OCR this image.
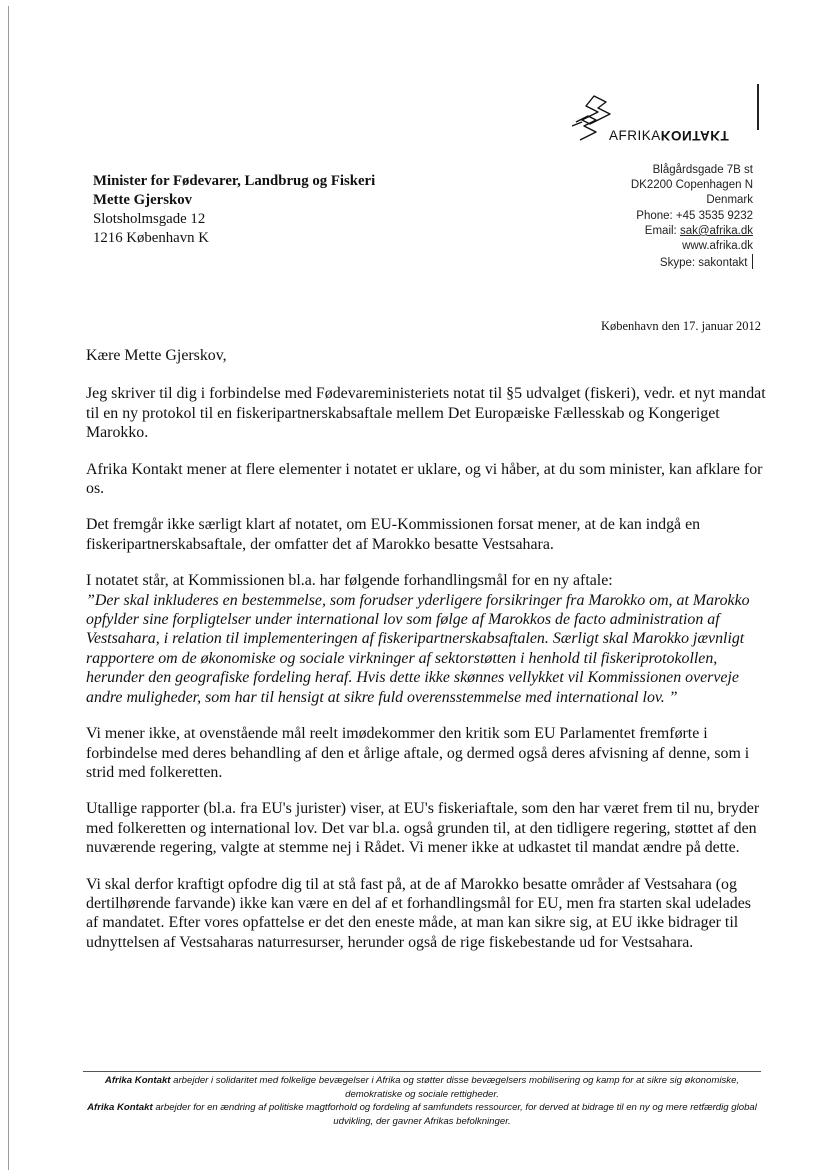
AFRIKAKONTAKT
Blågårdsgade 7B st
DK2200 Copenhagen N
Denmark
Phone: +45 3535 9232
Email: sak@afrika.dk
www.afrika.dk
Skype: sakontakt
Minister for Fødevarer, Landbrug og Fiskeri
Mette Gjerskov
Slotsholmsgade 12
1216 København K
København den 17. januar 2012

Kære Mette Gjerskov,

Jeg skriver til dig i forbindelse med Fødevareministeriets notat til §5 udvalget (fiskeri), vedr. et nyt mandat til en ny protokol til en fiskeripartnerskabsaftale mellem Det Europæiske Fællesskab og Kongeriget Marokko.

Afrika Kontakt mener at flere elementer i notatet er uklare, og vi håber, at du som minister, kan afklare for os.

Det fremgår ikke særligt klart af notatet, om EU-Kommissionen forsat mener, at de kan indgå en fiskeripartnerskabsaftale, der omfatter det af Marokko besatte Vestsahara.

I notatet står, at Kommissionen bl.a. har følgende forhandlingsmål for en ny aftale:
”Der skal inkluderes en bestemmelse, som forudser yderligere forsikringer fra Marokko om, at Marokko opfylder sine forpligtelser under international lov som følge af Marokkos de facto administration af Vestsahara, i relation til implementeringen af fiskeripartnerskabsaftalen. Særligt skal Marokko jævnligt rapportere om de økonomiske og sociale virkninger af sektorstøtten i henhold til fiskeriprotokollen, herunder den geografiske fordeling heraf. Hvis dette ikke skønnes vellykket vil Kommissionen overveje andre muligheder, som har til hensigt at sikre fuld overensstemmelse med international lov. ”

Vi mener ikke, at ovenstående mål reelt imødekommer den kritik som EU Parlamentet fremførte i forbindelse med deres behandling af den et årlige aftale, og dermed også deres afvisning af denne, som i strid med folkeretten.

Utallige rapporter (bl.a. fra EU's jurister) viser, at EU's fiskeriaftale, som den har været frem til nu, bryder med folkeretten og international lov. Det var bl.a. også grunden til, at den tidligere regering, støttet af den nuværende regering, valgte at stemme nej i Rådet. Vi mener ikke at udkastet til mandat ændre på dette.

Vi skal derfor kraftigt opfodre dig til at stå fast på, at de af Marokko besatte områder af Vestsahara (og dertilhørende farvande) ikke kan være en del af et forhandlingsmål for EU, men fra starten skal udelades af mandatet. Efter vores opfattelse er det den eneste måde, at man kan sikre sig, at EU ikke bidrager til udnyttelsen af Vestsaharas naturresurser, herunder også de rige fiskebestande ud for Vestsahara.

Afrika Kontakt arbejder i solidaritet med folkelige bevægelser i Afrika og støtter disse bevægelsers mobilisering og kamp for at sikre sig økonomiske, demokratiske og sociale rettigheder.
Afrika Kontakt arbejder for en ændring af politiske magtforhold og fordeling af samfundets ressourcer, for derved at bidrage til en ny og mere retfærdig global udvikling, der gavner Afrikas befolkninger.
